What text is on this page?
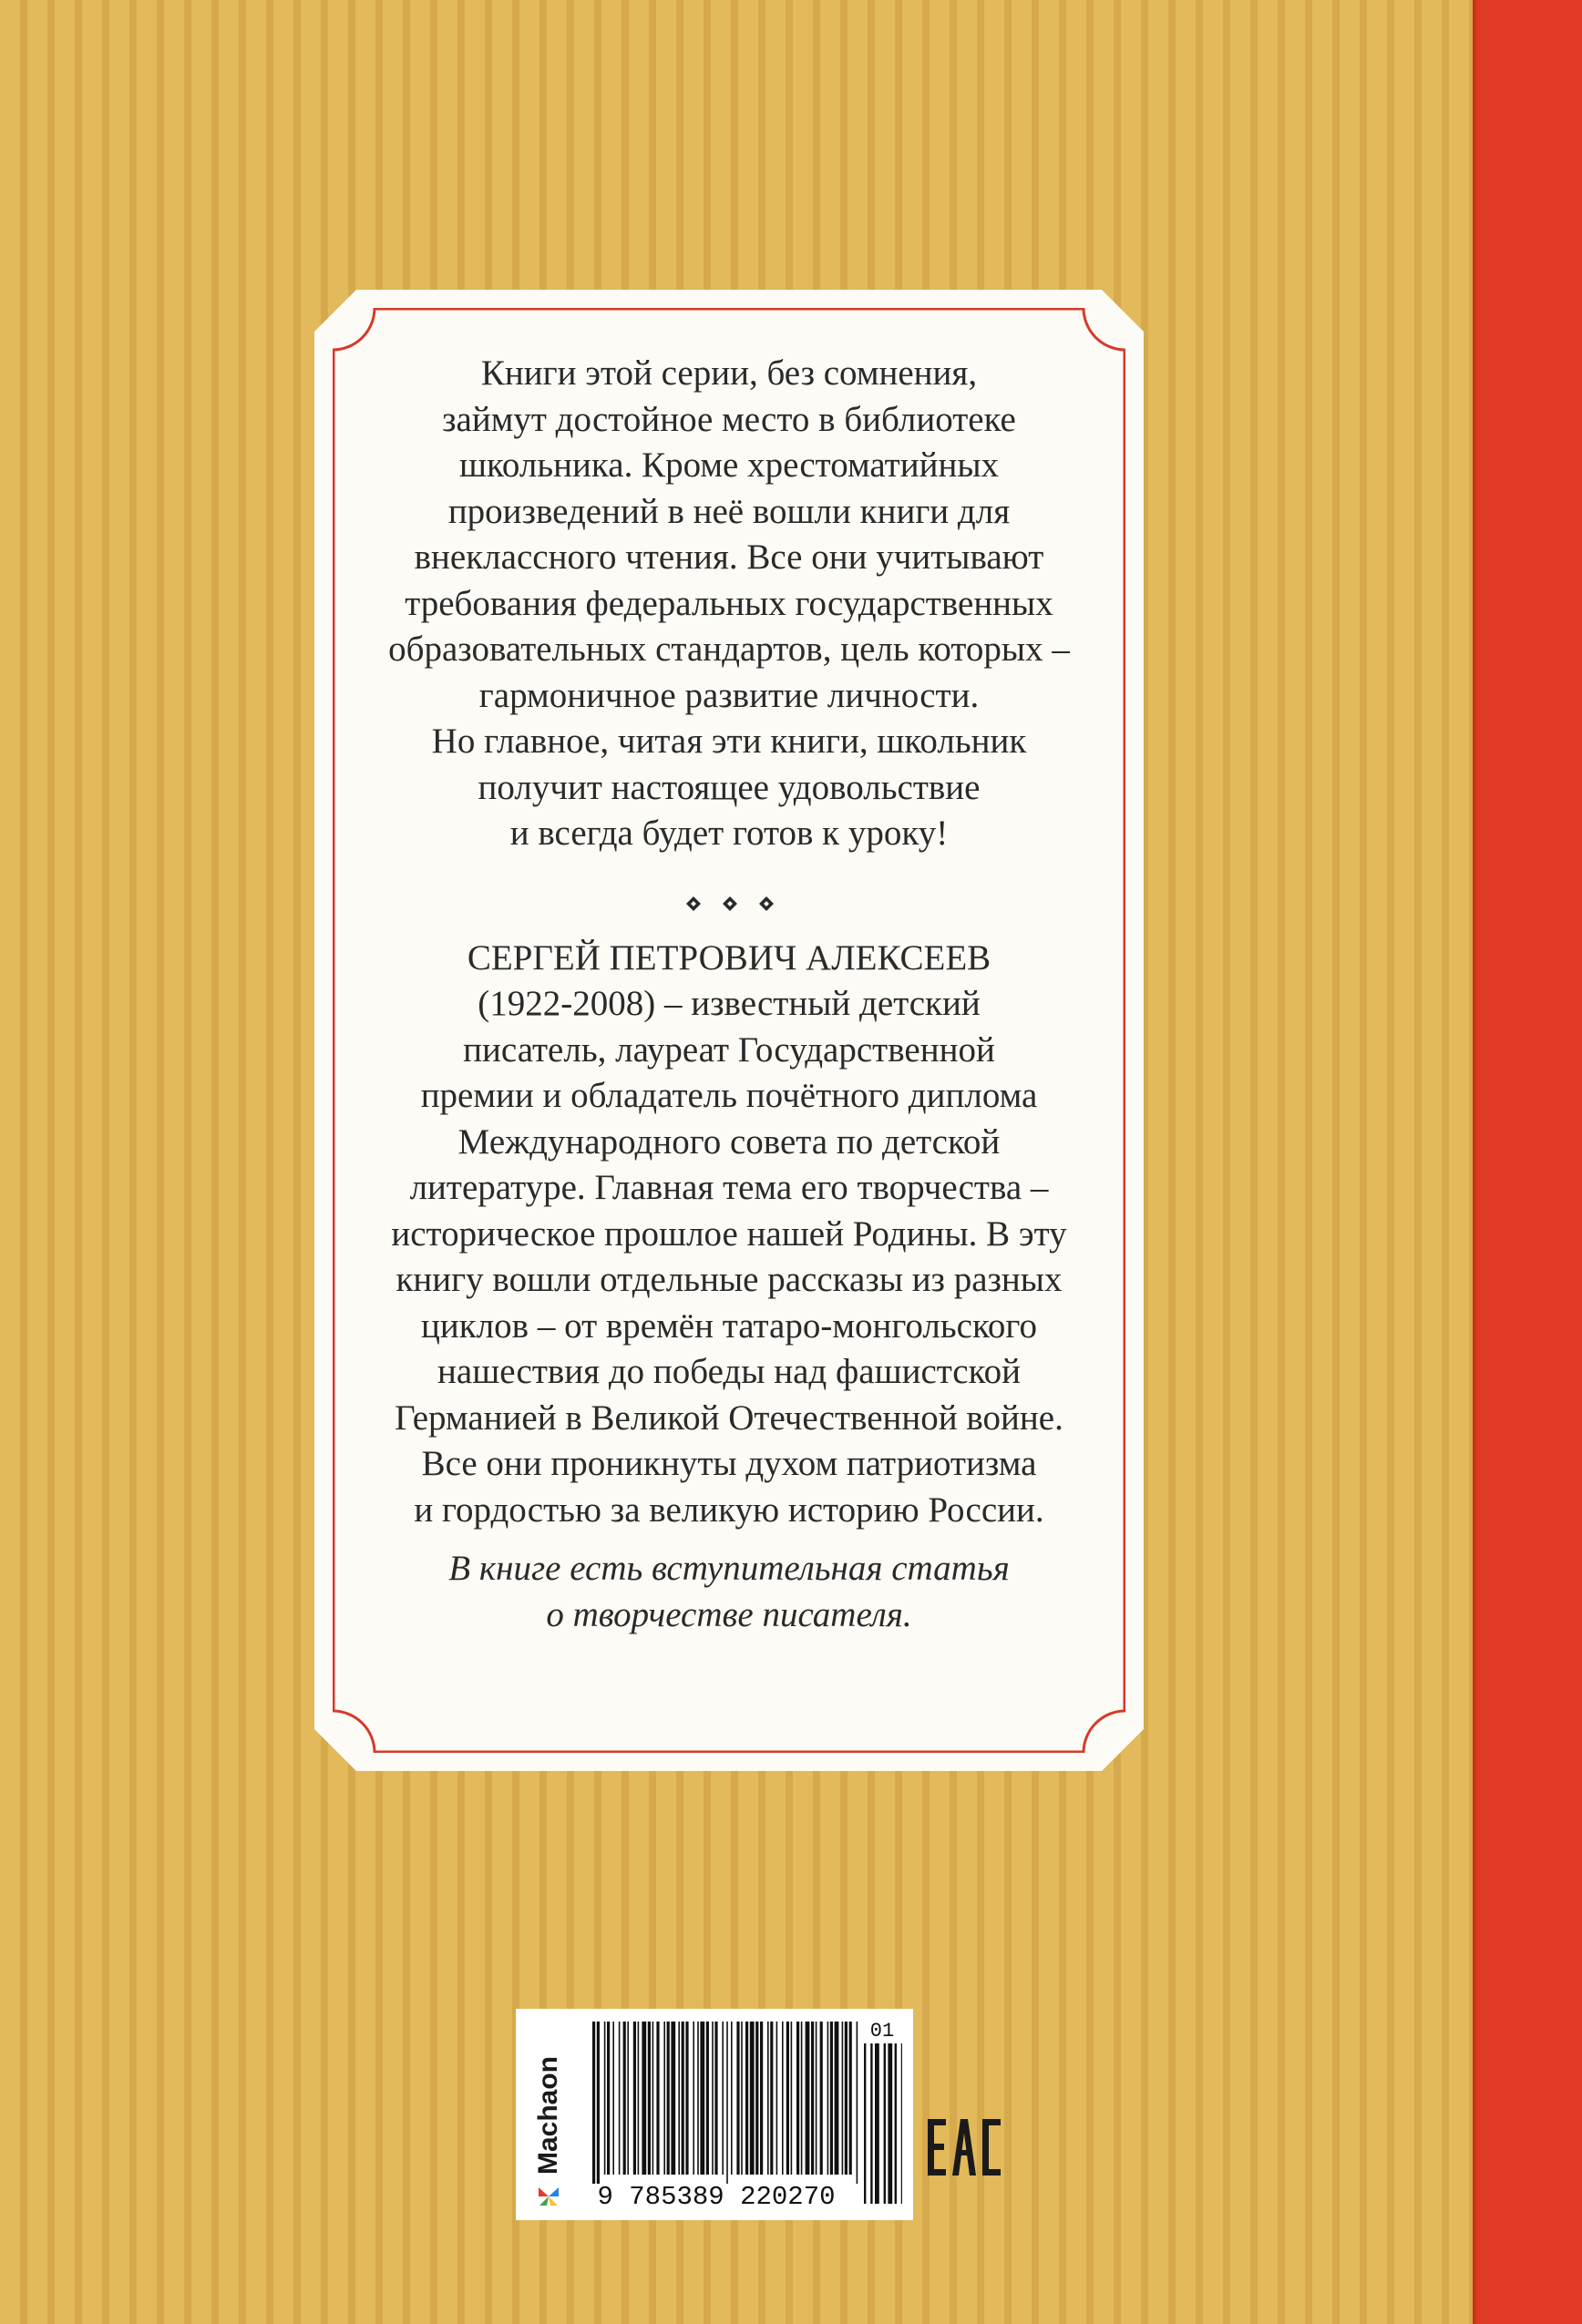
Книги этой серии, без сомнения,
займут достойное место в библиотеке
школьника. Кроме хрестоматийных
произведений в неё вошли книги для
внеклассного чтения. Все они учитывают
требования федеральных государственных
образовательных стандартов, цель которых –
гармоничное развитие личности.
Но главное, читая эти книги, школьник
получит настоящее удовольствие
и всегда будет готов к уроку!
СЕРГЕЙ ПЕТРОВИЧ АЛЕКСЕЕВ
(1922-2008) – известный детский
писатель, лауреат Государственной
премии и обладатель почётного диплома
Международного совета по детской
литературе. Главная тема его творчества –
историческое прошлое нашей Родины. В эту
книгу вошли отдельные рассказы из разных
циклов – от времён татаро-монгольского
нашествия до победы над фашистской
Германией в Великой Отечественной войне.
Все они проникнуты духом патриотизма
и гордостью за великую историю России.
В книге есть вступительная статья
о творчестве писателя.
Machaon
01
9 785389 220270
